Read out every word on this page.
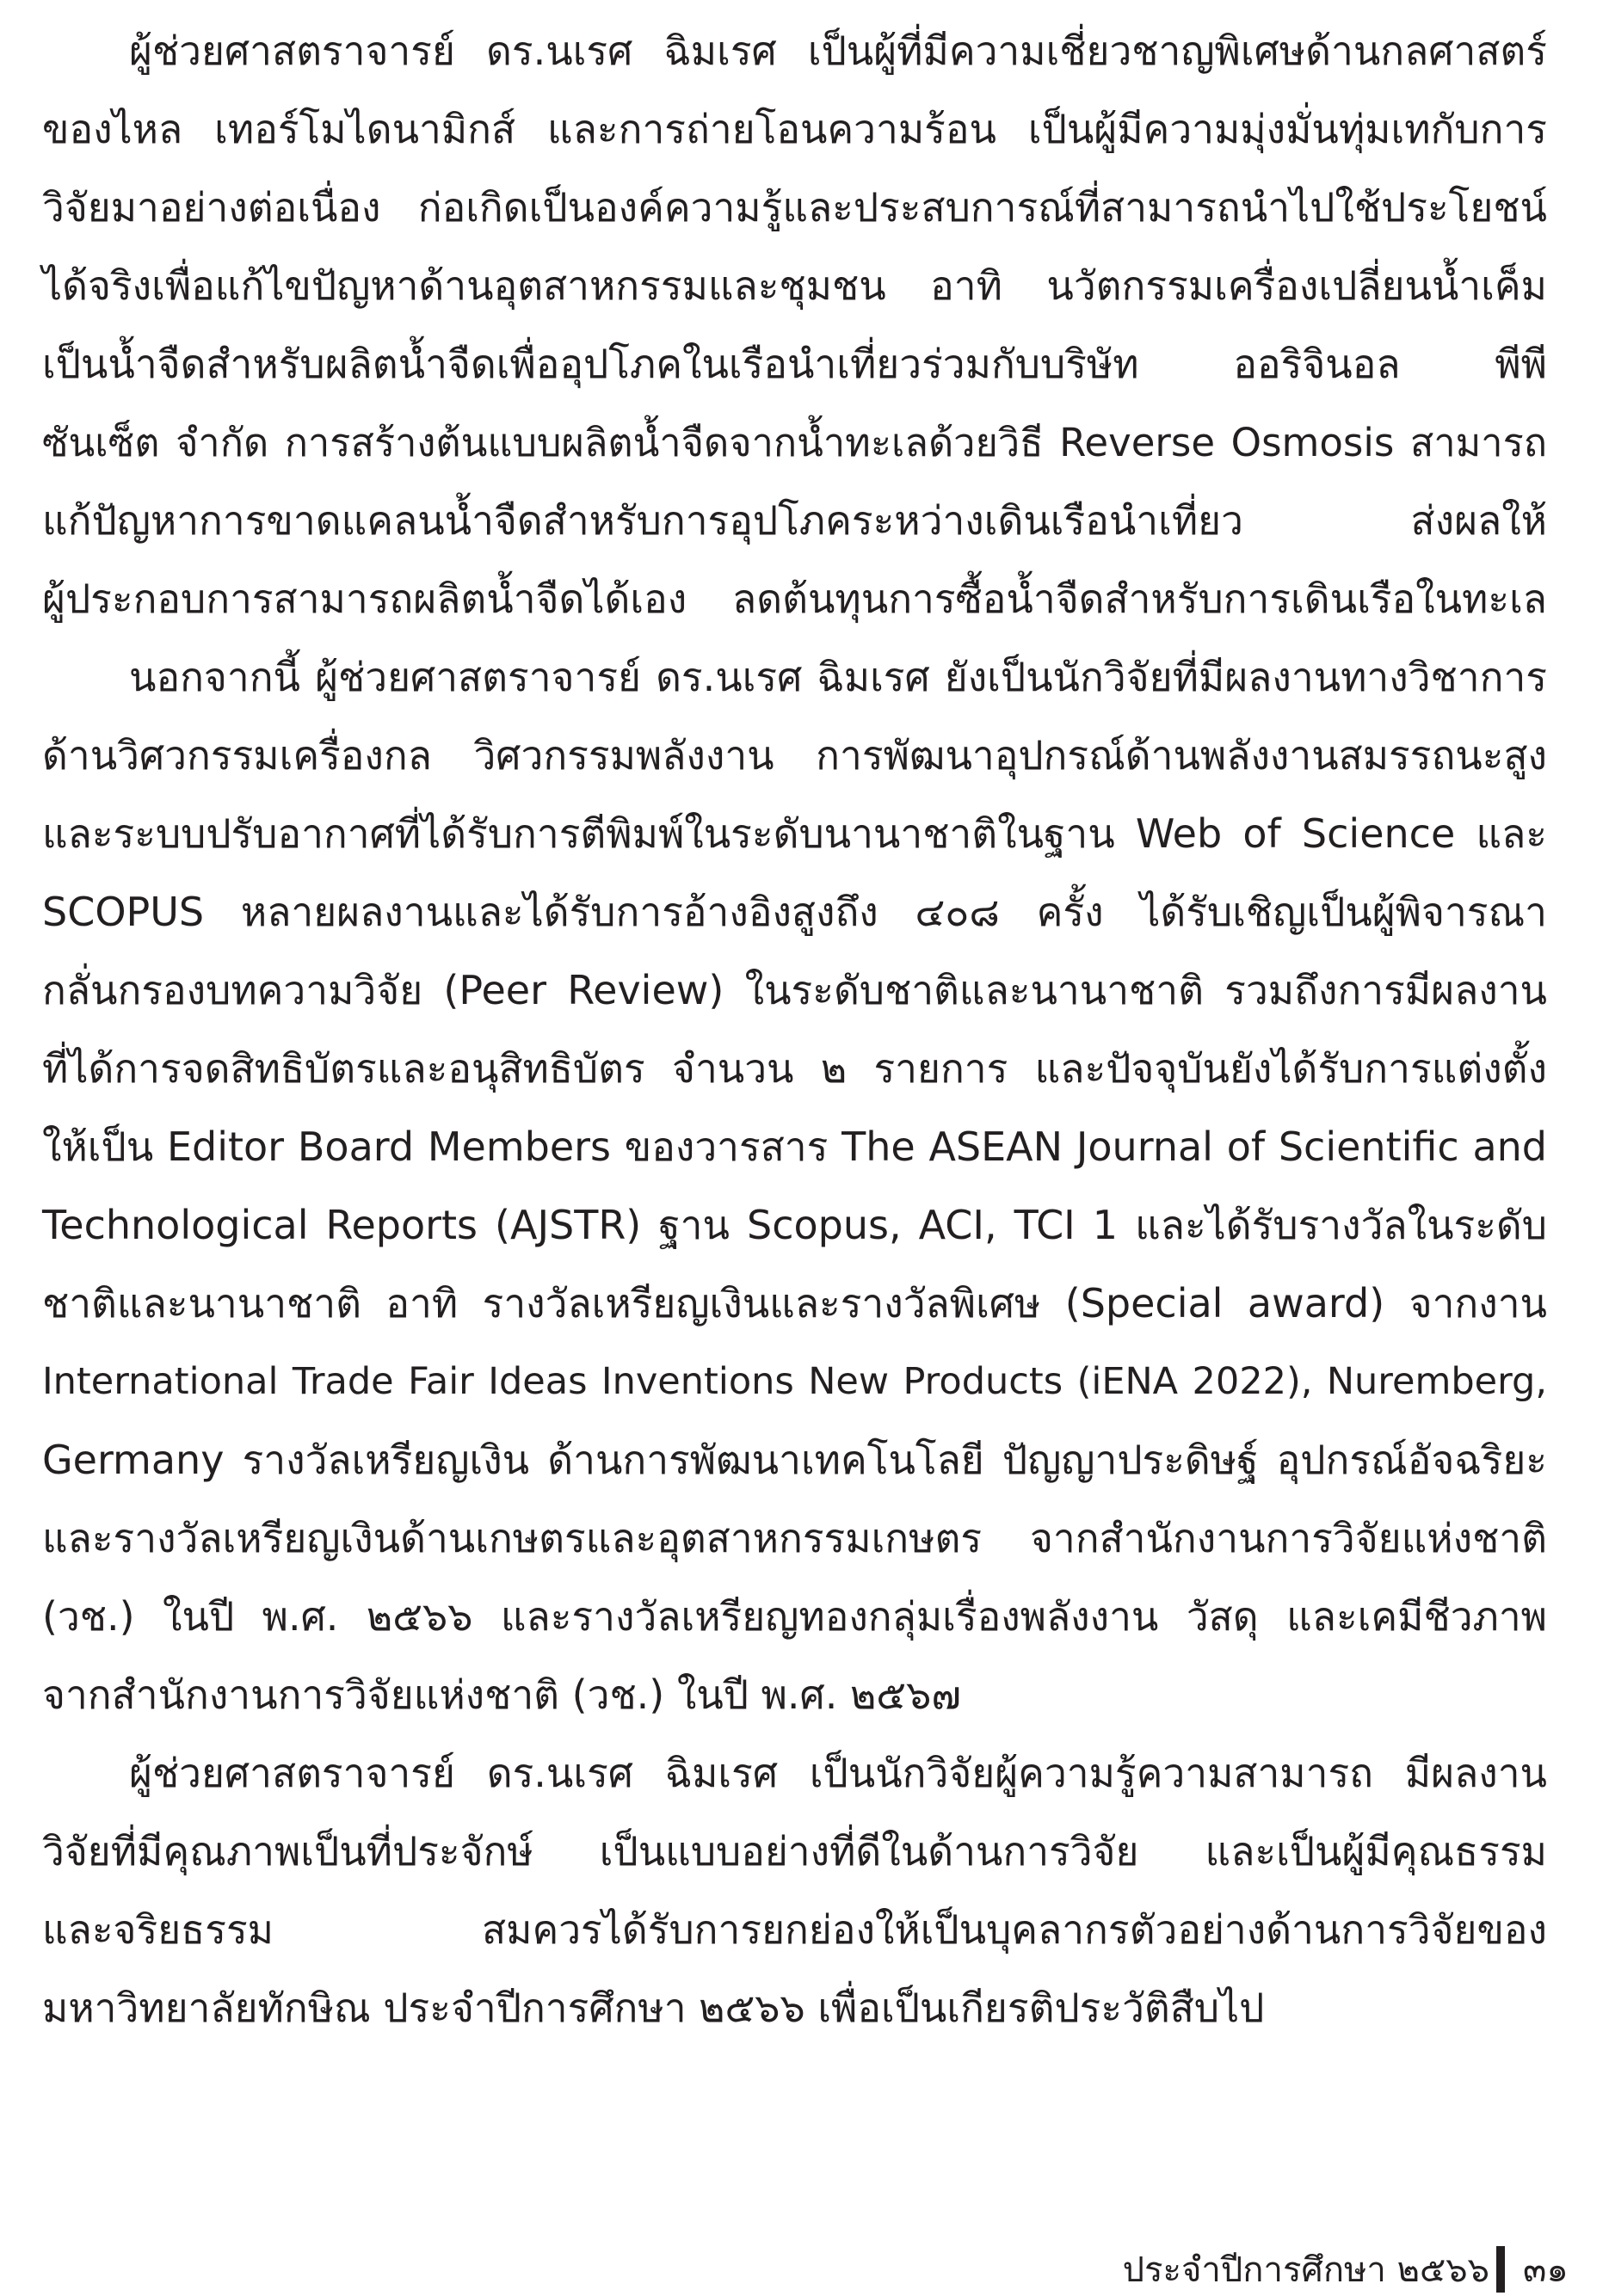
ผู้ช่วยศาสตราจารย์ ดร.นเรศ ฉิมเรศ เป็นผู้ที่มีความเชี่ยวชาญพิเศษด้านกลศาสตร์
ของไหล เทอร์โมไดนามิกส์ และการถ่ายโอนความร้อน เป็นผู้มีความมุ่งมั่นทุ่มเทกับการ
วิจัยมาอย่างต่อเนื่อง ก่อเกิดเป็นองค์ความรู้และประสบการณ์ที่สามารถนำไปใช้ประโยชน์
ได้จริงเพื่อแก้ไขปัญหาด้านอุตสาหกรรมและชุมชน อาทิ นวัตกรรมเครื่องเปลี่ยนน้ำเค็ม
เป็นน้ำจืดสำหรับผลิตน้ำจืดเพื่ออุปโภคในเรือนำเที่ยวร่วมกับบริษัท ออริจินอล พีพี
ซันเซ็ต จำกัด การสร้างต้นแบบผลิตน้ำจืดจากน้ำทะเลด้วยวิธี Reverse Osmosis สามารถ
แก้ปัญหาการขาดแคลนน้ำจืดสำหรับการอุปโภคระหว่างเดินเรือนำเที่ยว ส่งผลให้
ผู้ประกอบการสามารถผลิตน้ำจืดได้เอง ลดต้นทุนการซื้อน้ำจืดสำหรับการเดินเรือในทะเล
นอกจากนี้ ผู้ช่วยศาสตราจารย์ ดร.นเรศ ฉิมเรศ ยังเป็นนักวิจัยที่มีผลงานทางวิชาการ
ด้านวิศวกรรมเครื่องกล วิศวกรรมพลังงาน การพัฒนาอุปกรณ์ด้านพลังงานสมรรถนะสูง
และระบบปรับอากาศที่ได้รับการตีพิมพ์ในระดับนานาชาติในฐาน Web of Science และ
SCOPUS หลายผลงานและได้รับการอ้างอิงสูงถึง ๔๐๘ ครั้ง ได้รับเชิญเป็นผู้พิจารณา
กลั่นกรองบทความวิจัย (Peer Review) ในระดับชาติและนานาชาติ รวมถึงการมีผลงาน
ที่ได้การจดสิทธิบัตรและอนุสิทธิบัตร จำนวน ๒ รายการ และปัจจุบันยังได้รับการแต่งตั้ง
ให้เป็น Editor Board Members ของวารสาร The ASEAN Journal of Scientific and
Technological Reports (AJSTR) ฐาน Scopus, ACI, TCI 1 และได้รับรางวัลในระดับ
ชาติและนานาชาติ อาทิ รางวัลเหรียญเงินและรางวัลพิเศษ (Special award) จากงาน
International Trade Fair Ideas Inventions New Products (iENA 2022), Nuremberg,
Germany รางวัลเหรียญเงิน ด้านการพัฒนาเทคโนโลยี ปัญญาประดิษฐ์ อุปกรณ์อัจฉริยะ
และรางวัลเหรียญเงินด้านเกษตรและอุตสาหกรรมเกษตร จากสำนักงานการวิจัยแห่งชาติ
(วช.) ในปี พ.ศ. ๒๕๖๖ และรางวัลเหรียญทองกลุ่มเรื่องพลังงาน วัสดุ และเคมีชีวภาพ
จากสำนักงานการวิจัยแห่งชาติ (วช.) ในปี พ.ศ. ๒๕๖๗
ผู้ช่วยศาสตราจารย์ ดร.นเรศ ฉิมเรศ เป็นนักวิจัยผู้ความรู้ความสามารถ มีผลงาน
วิจัยที่มีคุณภาพเป็นที่ประจักษ์ เป็นแบบอย่างที่ดีในด้านการวิจัย และเป็นผู้มีคุณธรรม
และจริยธรรม สมควรได้รับการยกย่องให้เป็นบุคลากรตัวอย่างด้านการวิจัยของ
มหาวิทยาลัยทักษิณ ประจำปีการศึกษา ๒๕๖๖ เพื่อเป็นเกียรติประวัติสืบไป
ประจำปีการศึกษา ๒๕๖๖ ๓๑
